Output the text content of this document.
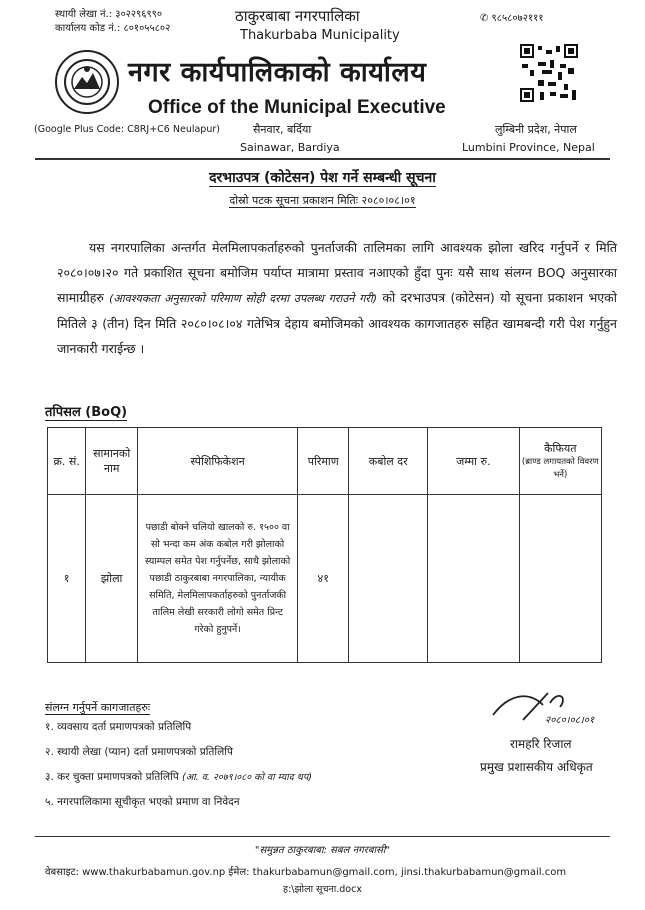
स्थायी लेखा नं.: ३०२२९६९९०
कार्यालय कोड नं.: ८०१०५५८०२
ठाकुरबाबा नगरपालिका
Thakurbaba Municipality
✆ ९८५८०७२१११
नगर कार्यपालिकाको कार्यालय
Office of the Municipal Executive
(Google Plus Code: C8RJ+C6 Neulapur)	सैनवार, बर्दिया
Sainawar, Bardiya
लुम्बिनी प्रदेश, नेपाल
Lumbini Province, Nepal
दरभाउपत्र (कोटेसन) पेश गर्ने सम्बन्धी सूचना
दोस्रो पटक सूचना प्रकाशन मितिः २०८०।०८।०१
यस नगरपालिका अन्तर्गत मेलमिलापकर्ताहरुको पुनर्ताजकी तालिमका लागि आवश्यक झोला खरिद गर्नुपर्ने र मिति २०८०।०७।२० गते प्रकाशित सूचना बमोजिम पर्याप्त मात्रामा प्रस्ताव नआएको हुँदा पुनः यसै साथ संलग्न BOQ अनुसारका सामाग्रीहरु (आवश्यकता अनुसारको परिमाण सोही दरमा उपलब्ध गराउने गरी) को दरभाउपत्र (कोटेसन) यो सूचना प्रकाशन भएको मितिले ३ (तीन) दिन मिति २०८०।०८।०४ गतेभित्र देहाय बमोजिमको आवश्यक कागजातहरु सहित खामबन्दी गरी पेश गर्नुहुन जानकारी गराईन्छ ।
तपिसल (BoQ)
क्र. सं.	सामानको नाम	स्पेशिफिकेशन	परिमाण	कबोल दर	जम्मा रु.	कैफियत
(ब्राण्ड लगायतको विवरण भर्ने)

१	झोला	पछाडी बोक्ने चलियो खालको रु. १५०० वा सो भन्दा कम अंक कबोल गरी झोलाको स्याम्पल समेत पेश गर्नुपर्नेछ, साथै झोलाको पछाडी ठाकुरबाबा नगरपालिका, न्यायीक समिति, मेलमिलापकर्ताहरुको पुनर्ताजकी तालिम लेखी सरकारी लोगो समेत प्रिन्ट गरेको हुनुपर्ने।	४१			
संलग्न गर्नुपर्ने कागजातहरुः
१. व्यवसाय दर्ता प्रमाणपत्रको प्रतिलिपि
२. स्थायी लेखा (प्यान) दर्ता प्रमाणपत्रको प्रतिलिपि
३. कर चुक्ता प्रमाणपत्रको प्रतिलिपि (आ. व. २०७९।०८० को वा म्याद थप)
५. नगरपालिकामा सूचीकृत भएको प्रमाण वा निवेदन
२०८०।०८।०१
रामहरि रिजाल
प्रमुख प्रशासकीय अधिकृत
"समुन्नत ठाकुरबाबा: सबल नगरबासी"
वेबसाइट: www.thakurbabamun.gov.np ईमेल: thakurbabamun@gmail.com, jinsi.thakurbabamun@gmail.com
ह:\झोला सूचना.docx
